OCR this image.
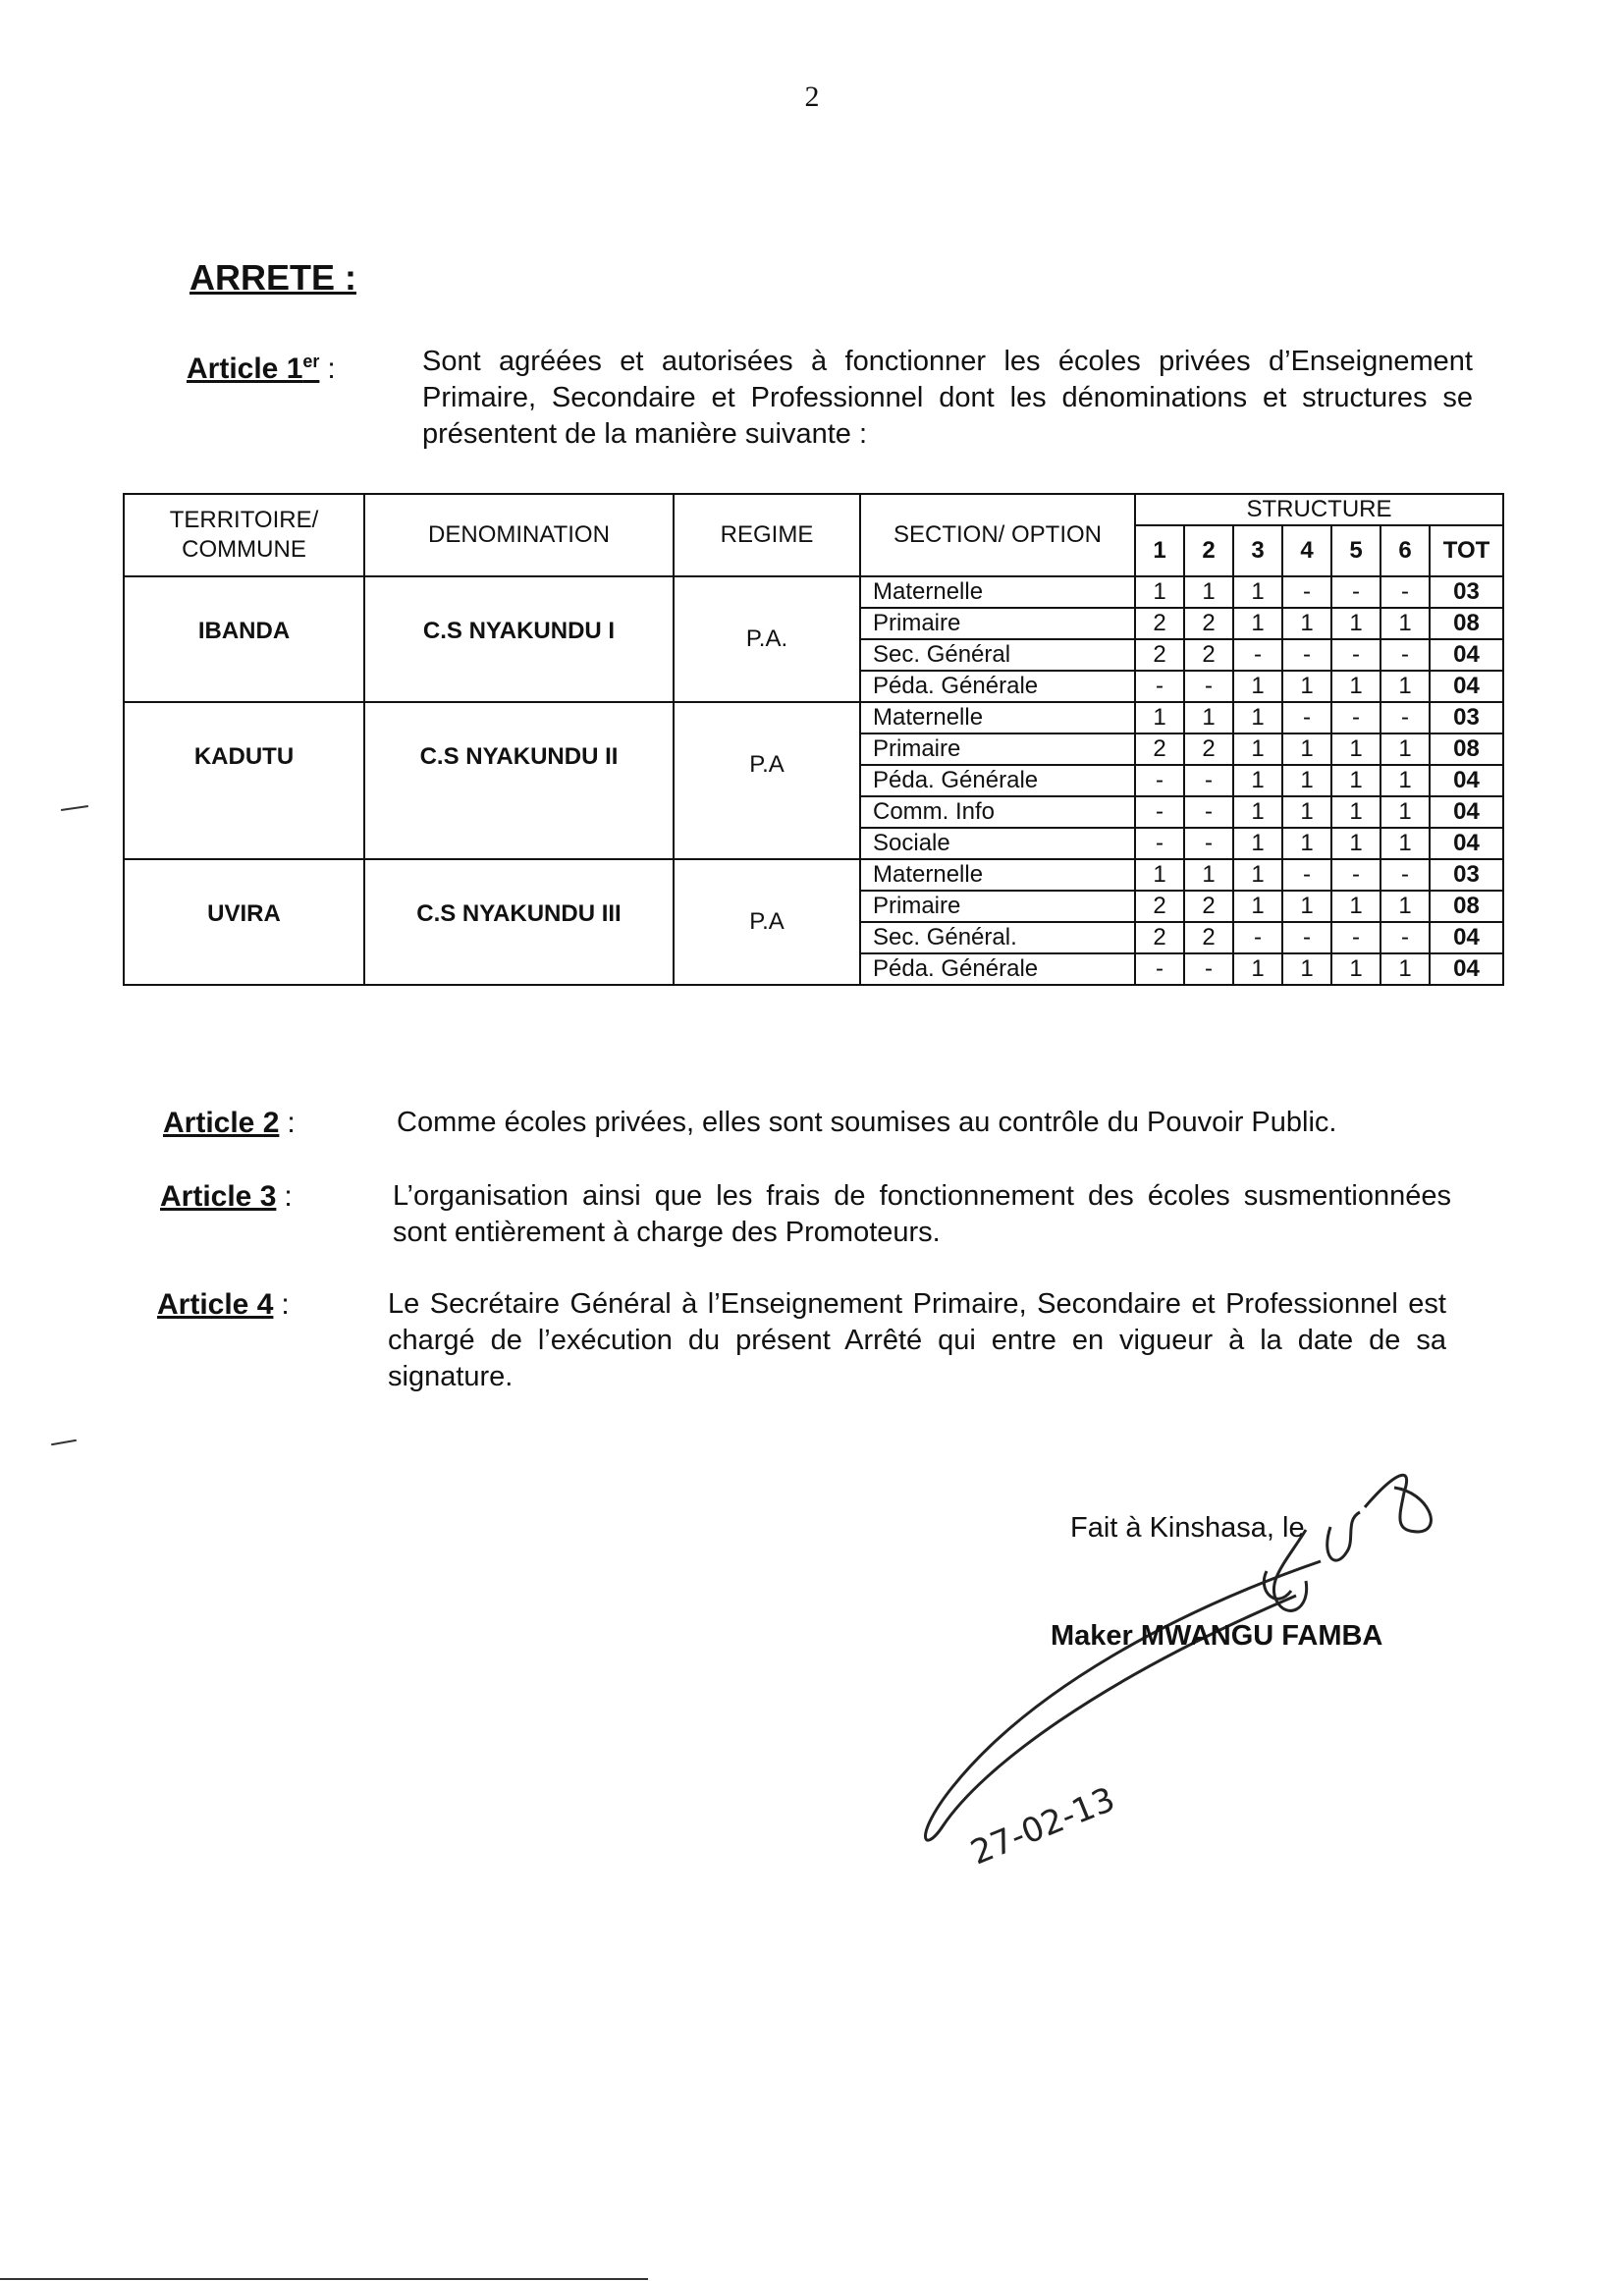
2
ARRETE :
Article 1er :	Sont agréées et autorisées à fonctionner les écoles privées d’Enseignement Primaire, Secondaire et Professionnel dont les dénominations et structures se présentent de la manière suivante :
TERRITOIRE/ COMMUNE	DENOMINATION	REGIME	SECTION/ OPTION	STRUCTURE						
				1	2	3	4	5	6	TOT
IBANDA	C.S NYAKUNDU I	P.A.	Maternelle	1	1	1	-	-	-	03
			Primaire	2	2	1	1	1	1	08
			Sec. Général	2	2	-	-	-	-	04
			Péda. Générale	-	-	1	1	1	1	04
KADUTU	C.S NYAKUNDU II	P.A	Maternelle	1	1	1	-	-	-	03
			Primaire	2	2	1	1	1	1	08
			Péda. Générale	-	-	1	1	1	1	04
			Comm. Info	-	-	1	1	1	1	04
			Sociale	-	-	1	1	1	1	04
UVIRA	C.S NYAKUNDU III	P.A	Maternelle	1	1	1	-	-	-	03
			Primaire	2	2	1	1	1	1	08
			Sec. Général.	2	2	-	-	-	-	04
			Péda. Générale	-	-	1	1	1	1	04
Article 2 :	Comme écoles privées, elles sont soumises au contrôle du Pouvoir Public.
Article 3 :	L’organisation ainsi que les frais de fonctionnement des écoles susmentionnées sont entièrement à charge des Promoteurs.
Article 4 :	Le Secrétaire Général à l’Enseignement Primaire, Secondaire et Professionnel est chargé de l’exécution du présent Arrêté qui entre en vigueur à la date de sa signature.
Fait à Kinshasa, le
Maker MWANGU FAMBA
27-02-13
